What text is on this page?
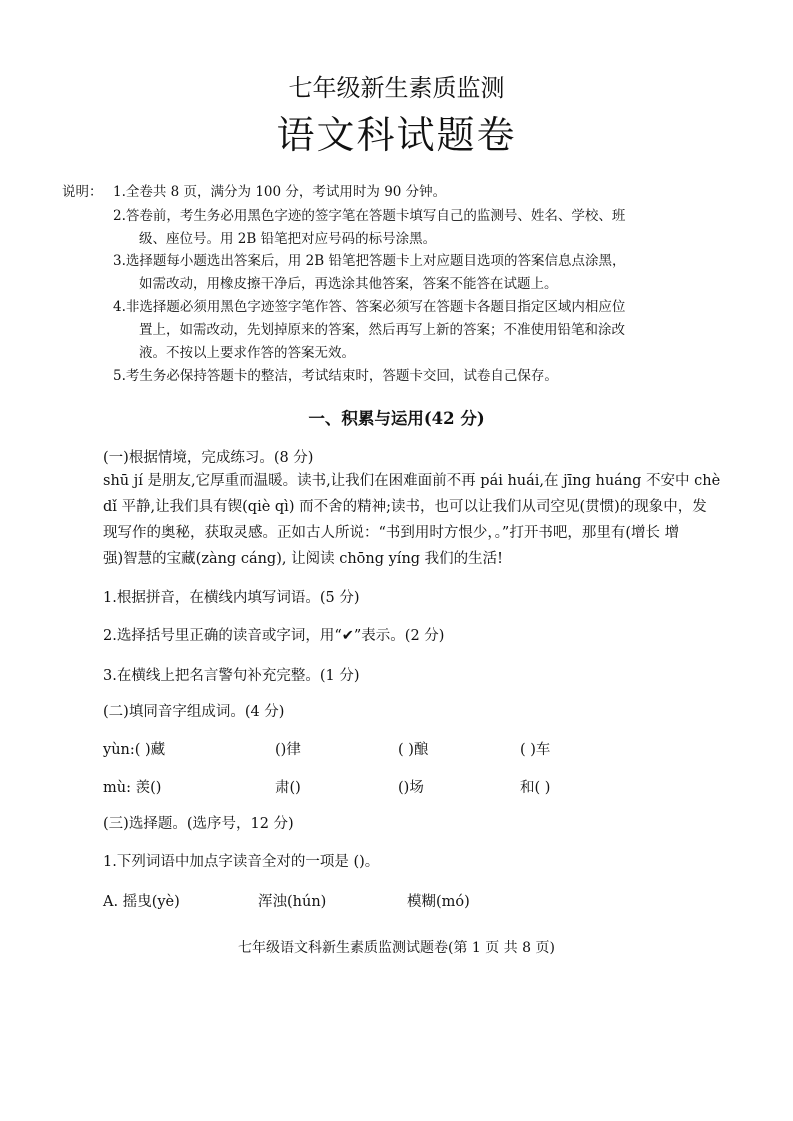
七年级新生素质监测
语文科试题卷
说明： 1.全卷共 8 页，满分为 100 分，考试用时为 90 分钟。
2.答卷前，考生务必用黑色字迹的签字笔在答题卡填写自己的监测号、姓名、学校、班
级、座位号。用 2B 铅笔把对应号码的标号涂黑。
3.选择题每小题选出答案后，用 2B 铅笔把答题卡上对应题目选项的答案信息点涂黑，
如需改动，用橡皮擦干净后，再选涂其他答案，答案不能答在试题上。
4.非选择题必须用黑色字迹签字笔作答、答案必须写在答题卡各题目指定区域内相应位
置上，如需改动，先划掉原来的答案，然后再写上新的答案；不准使用铅笔和涂改
液。不按以上要求作答的答案无效。
5.考生务必保持答题卡的整洁，考试结束时，答题卡交回，试卷自己保存。
一、积累与运用(42 分)
(一)根据情境，完成练习。(8 分)
shū jí 是朋友,它厚重而温暖。读书,让我们在困难面前不再 pái huái,在 jīng huáng 不安中 chè
dǐ 平静,让我们具有锲(qiè qì) 而不舍的精神;读书，也可以让我们从司空见(贯惯)的现象中，发
现写作的奥秘，获取灵感。正如古人所说：“书到用时方恨少，。”打开书吧，那里有(增长 增
强)智慧的宝藏(zàng cáng), 让阅读 chōng yíng 我们的生活!
1.根据拼音，在横线内填写词语。(5 分)
2.选择括号里正确的读音或字词，用“✔”表示。(2 分)
3.在横线上把名言警句补充完整。(1 分)
(二)填同音字组成词。(4 分)
yùn:( )藏	()律	( )酿	( )车
mù: 羡()	肃()	()场	和( )
(三)选择题。(选序号，12 分)
1.下列词语中加点字读音全对的一项是 ()。
A. 摇曳(yè)	浑浊(hún)	模糊(mó)
七年级语文科新生素质监测试题卷(第 1 页 共 8 页)
